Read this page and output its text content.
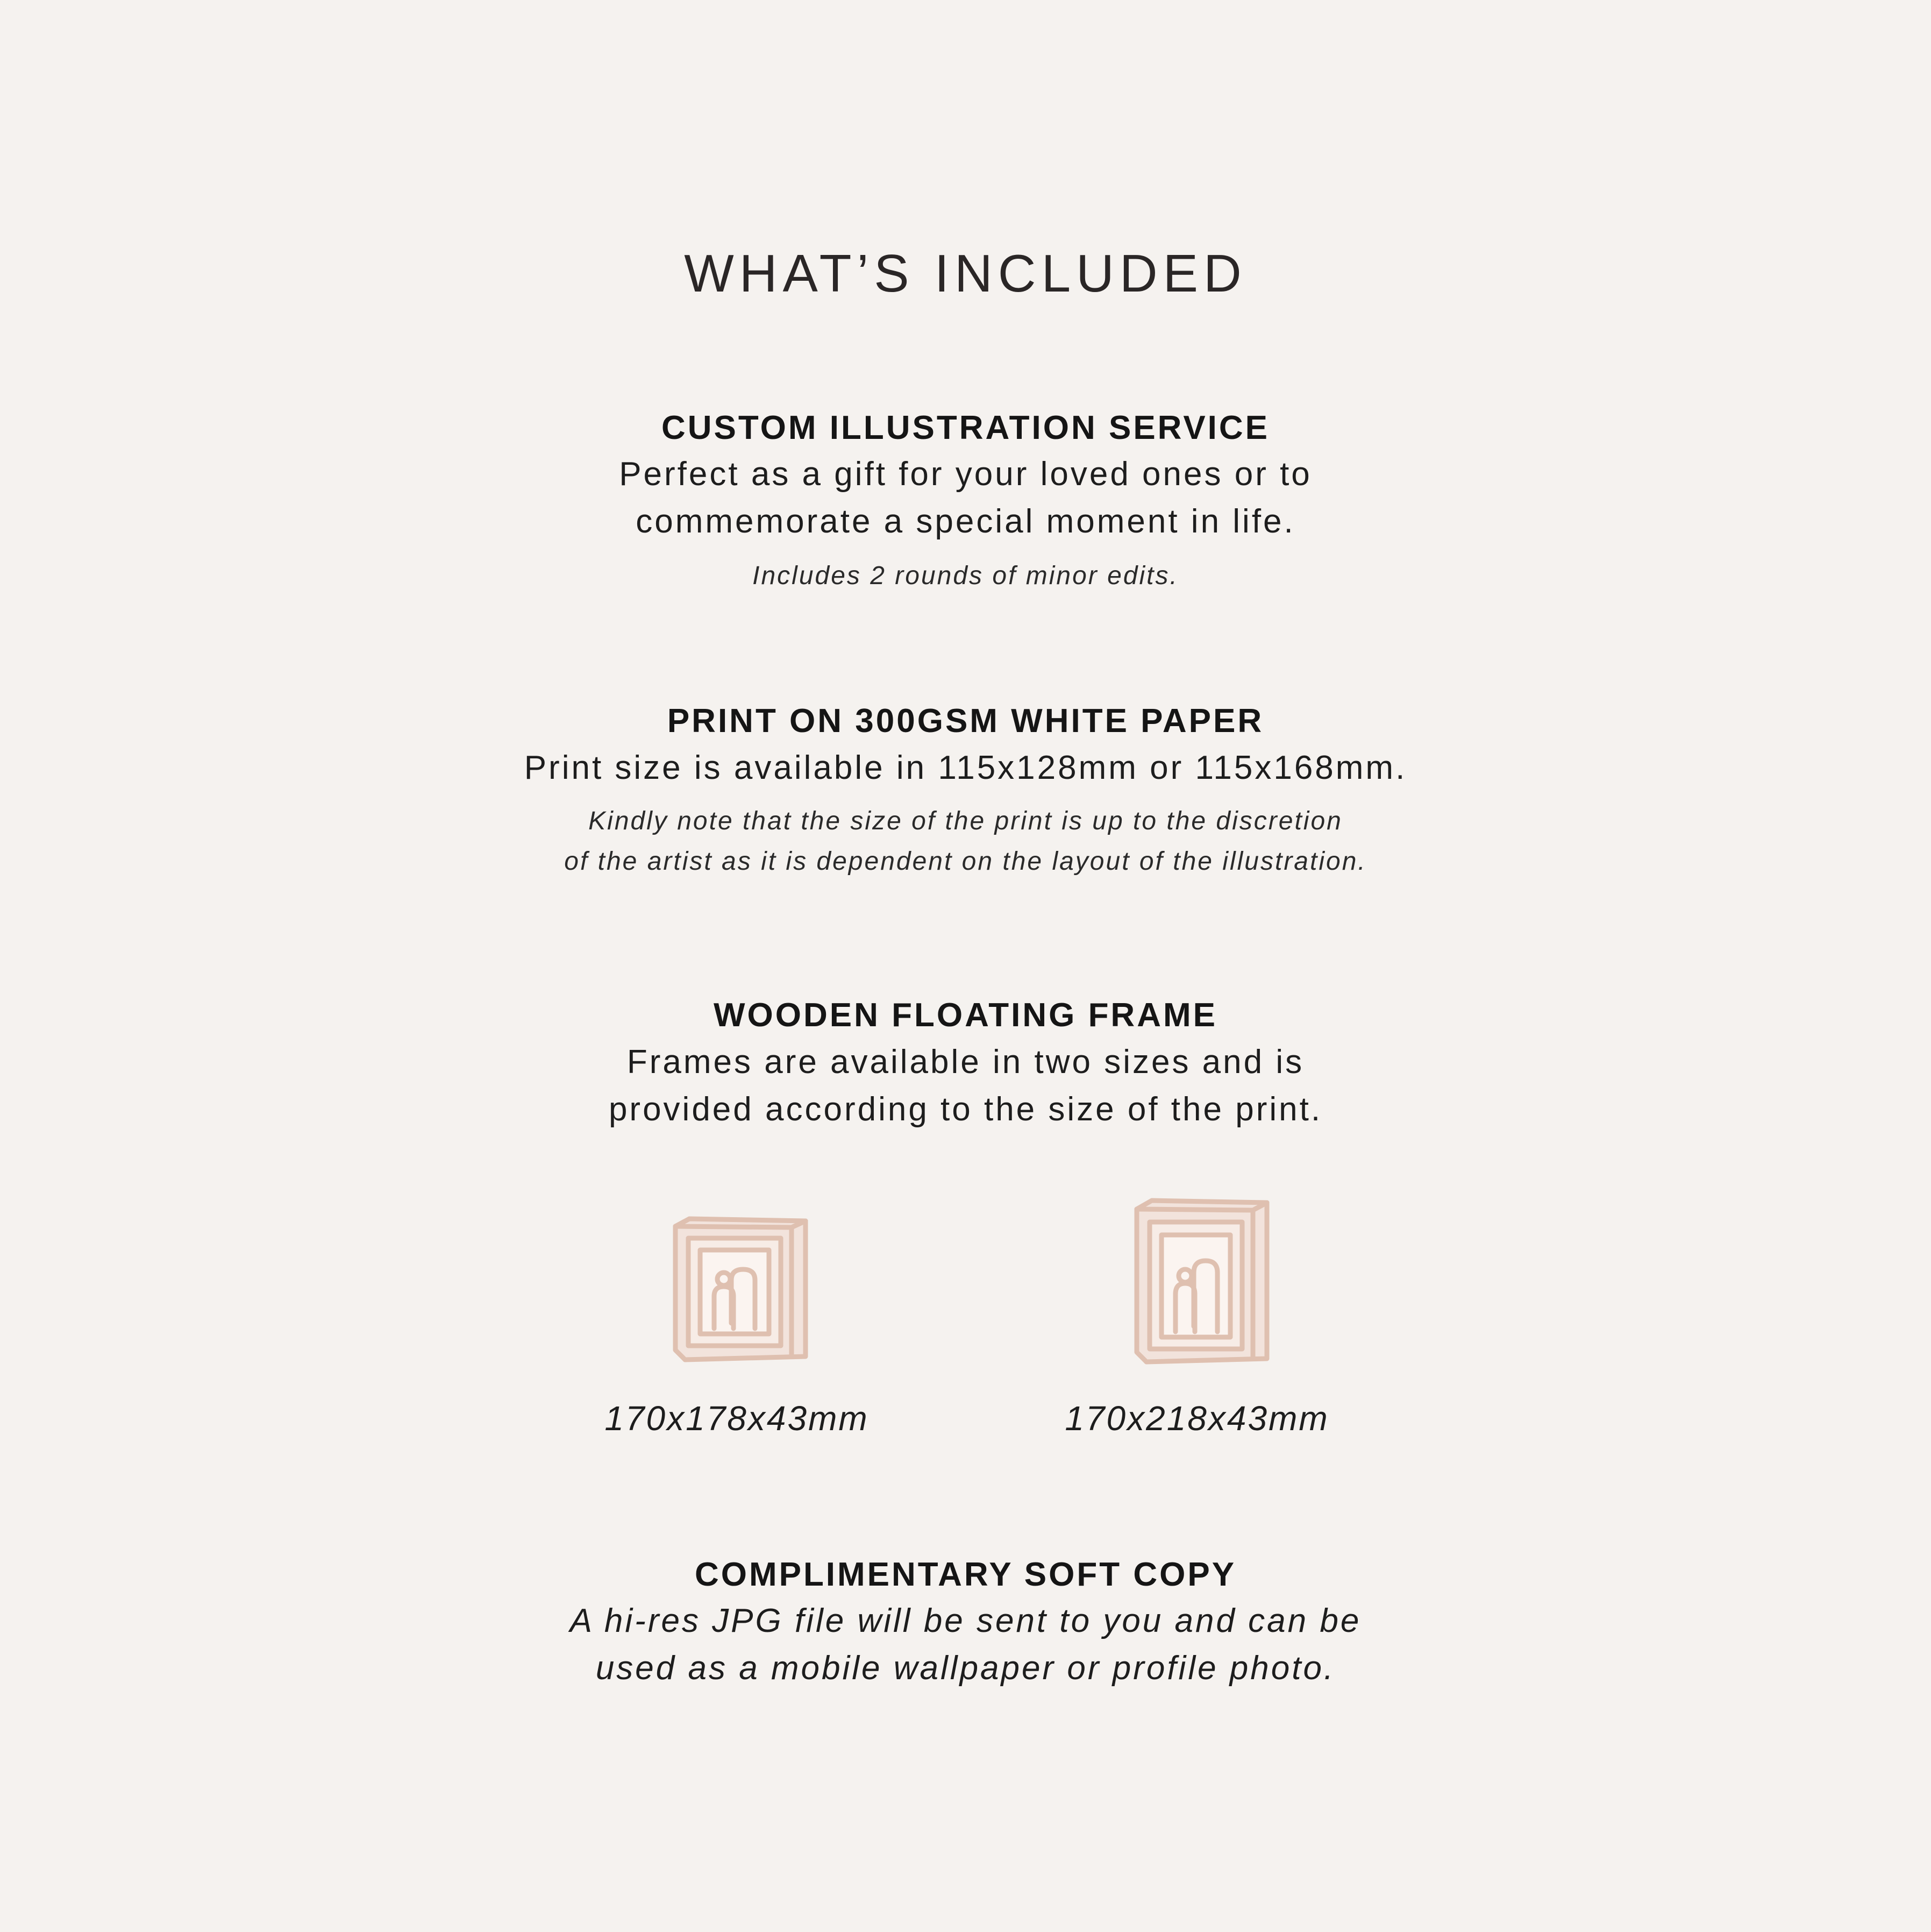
WHAT’S INCLUDED
CUSTOM ILLUSTRATION SERVICE
Perfect as a gift for your loved ones or to
commemorate a special moment in life.
Includes 2 rounds of minor edits.
PRINT ON 300GSM WHITE PAPER
Print size is available in 115x128mm or 115x168mm.
Kindly note that the size of the print is up to the discretion
of the artist as it is dependent on the layout of the illustration.
WOODEN FLOATING FRAME
Frames are available in two sizes and is
provided according to the size of the print.
170x178x43mm	170x218x43mm
COMPLIMENTARY SOFT COPY
A hi-res JPG file will be sent to you and can be
used as a mobile wallpaper or profile photo.
